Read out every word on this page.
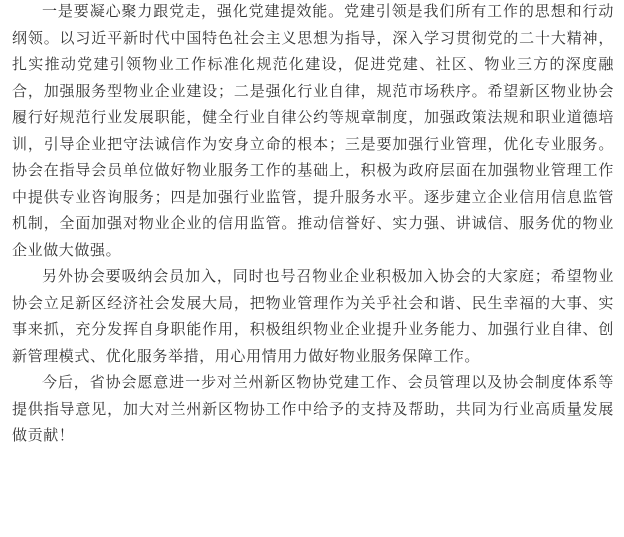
一是要凝心聚力跟党走，强化党建提效能。党建引领是我们所有工作的思想和行动纲领。以习近平新时代中国特色社会主义思想为指导，深入学习贯彻党的二十大精神，扎实推动党建引领物业工作标准化规范化建设，促进党建、社区、物业三方的深度融合，加强服务型物业企业建设；二是强化行业自律，规范市场秩序。希望新区物业协会履行好规范行业发展职能，健全行业自律公约等规章制度，加强政策法规和职业道德培训，引导企业把守法诚信作为安身立命的根本；三是要加强行业管理，优化专业服务。协会在指导会员单位做好物业服务工作的基础上，积极为政府层面在加强物业管理工作中提供专业咨询服务；四是加强行业监管，提升服务水平。逐步建立企业信用信息监管机制，全面加强对物业企业的信用监管。推动信誉好、实力强、讲诚信、服务优的物业企业做大做强。

另外协会要吸纳会员加入，同时也号召物业企业积极加入协会的大家庭；希望物业协会立足新区经济社会发展大局，把物业管理作为关乎社会和谐、民生幸福的大事、实事来抓，充分发挥自身职能作用，积极组织物业企业提升业务能力、加强行业自律、创新管理模式、优化服务举措，用心用情用力做好物业服务保障工作。

今后，省协会愿意进一步对兰州新区物协党建工作、会员管理以及协会制度体系等提供指导意见，加大对兰州新区物协工作中给予的支持及帮助，共同为行业高质量发展做贡献！
